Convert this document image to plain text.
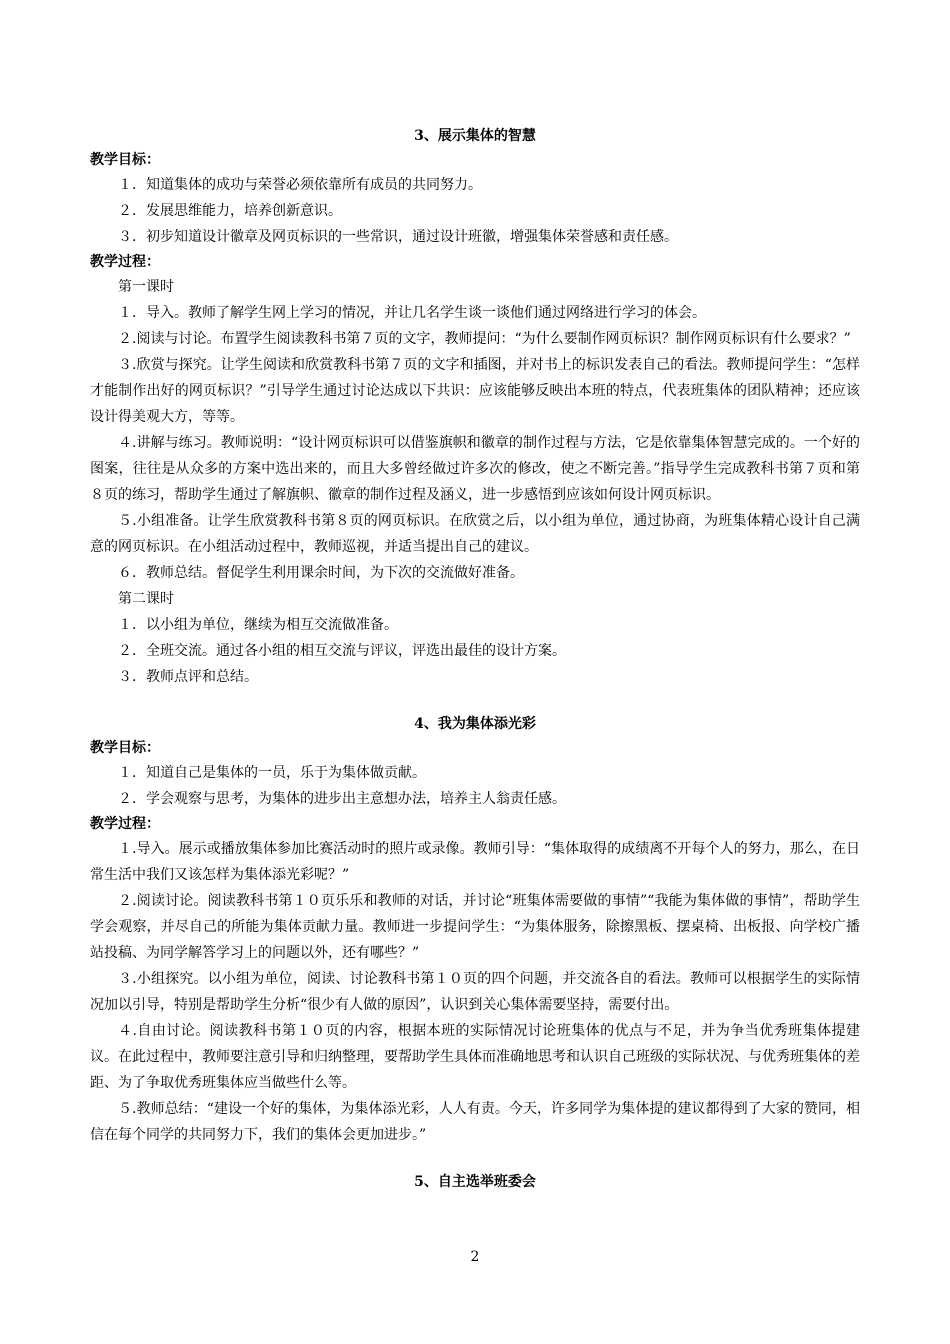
3、展示集体的智慧
教学目标：

１．知道集体的成功与荣誉必须依靠所有成员的共同努力。

２．发展思维能力，培养创新意识。

３．初步知道设计徽章及网页标识的一些常识，通过设计班徽，增强集体荣誉感和责任感。

教学过程：

第一课时

１．导入。教师了解学生网上学习的情况，并让几名学生谈一谈他们通过网络进行学习的体会。

２.阅读与讨论。布置学生阅读教科书第７页的文字，教师提问：“为什么要制作网页标识？制作网页标识有什么要求？”

３.欣赏与探究。让学生阅读和欣赏教科书第７页的文字和插图，并对书上的标识发表自己的看法。教师提问学生：“怎样才能制作出好的网页标识？”引导学生通过讨论达成以下共识：应该能够反映出本班的特点，代表班集体的团队精神；还应该设计得美观大方，等等。

４.讲解与练习。教师说明：“设计网页标识可以借鉴旗帜和徽章的制作过程与方法，它是依靠集体智慧完成的。一个好的图案，往往是从众多的方案中选出来的，而且大多曾经做过许多次的修改，使之不断完善。”指导学生完成教科书第７页和第８页的练习，帮助学生通过了解旗帜、徽章的制作过程及涵义，进一步感悟到应该如何设计网页标识。

５.小组准备。让学生欣赏教科书第８页的网页标识。在欣赏之后，以小组为单位，通过协商，为班集体精心设计自己满意的网页标识。在小组活动过程中，教师巡视，并适当提出自己的建议。

６．教师总结。督促学生利用课余时间，为下次的交流做好准备。

第二课时

１．以小组为单位，继续为相互交流做准备。

２．全班交流。通过各小组的相互交流与评议，评选出最佳的设计方案。

３．教师点评和总结。

4、我为集体添光彩
教学目标：

１．知道自己是集体的一员，乐于为集体做贡献。

２．学会观察与思考，为集体的进步出主意想办法，培养主人翁责任感。

教学过程：

１.导入。展示或播放集体参加比赛活动时的照片或录像。教师引导：“集体取得的成绩离不开每个人的努力，那么，在日常生活中我们又该怎样为集体添光彩呢？”

２.阅读讨论。阅读教科书第１０页乐乐和教师的对话，并讨论“班集体需要做的事情”“我能为集体做的事情”，帮助学生学会观察，并尽自己的所能为集体贡献力量。教师进一步提问学生：“为集体服务，除擦黑板、摆桌椅、出板报、向学校广播站投稿、为同学解答学习上的问题以外，还有哪些？”

３.小组探究。以小组为单位，阅读、讨论教科书第１０页的四个问题，并交流各自的看法。教师可以根据学生的实际情况加以引导，特别是帮助学生分析“很少有人做的原因”，认识到关心集体需要坚持，需要付出。

４.自由讨论。阅读教科书第１０页的内容，根据本班的实际情况讨论班集体的优点与不足，并为争当优秀班集体提建议。在此过程中，教师要注意引导和归纳整理，要帮助学生具体而准确地思考和认识自己班级的实际状况、与优秀班集体的差距、为了争取优秀班集体应当做些什么等。

５.教师总结：“建设一个好的集体，为集体添光彩，人人有责。今天，许多同学为集体提的建议都得到了大家的赞同，相信在每个同学的共同努力下，我们的集体会更加进步。”

5、自主选举班委会
2
